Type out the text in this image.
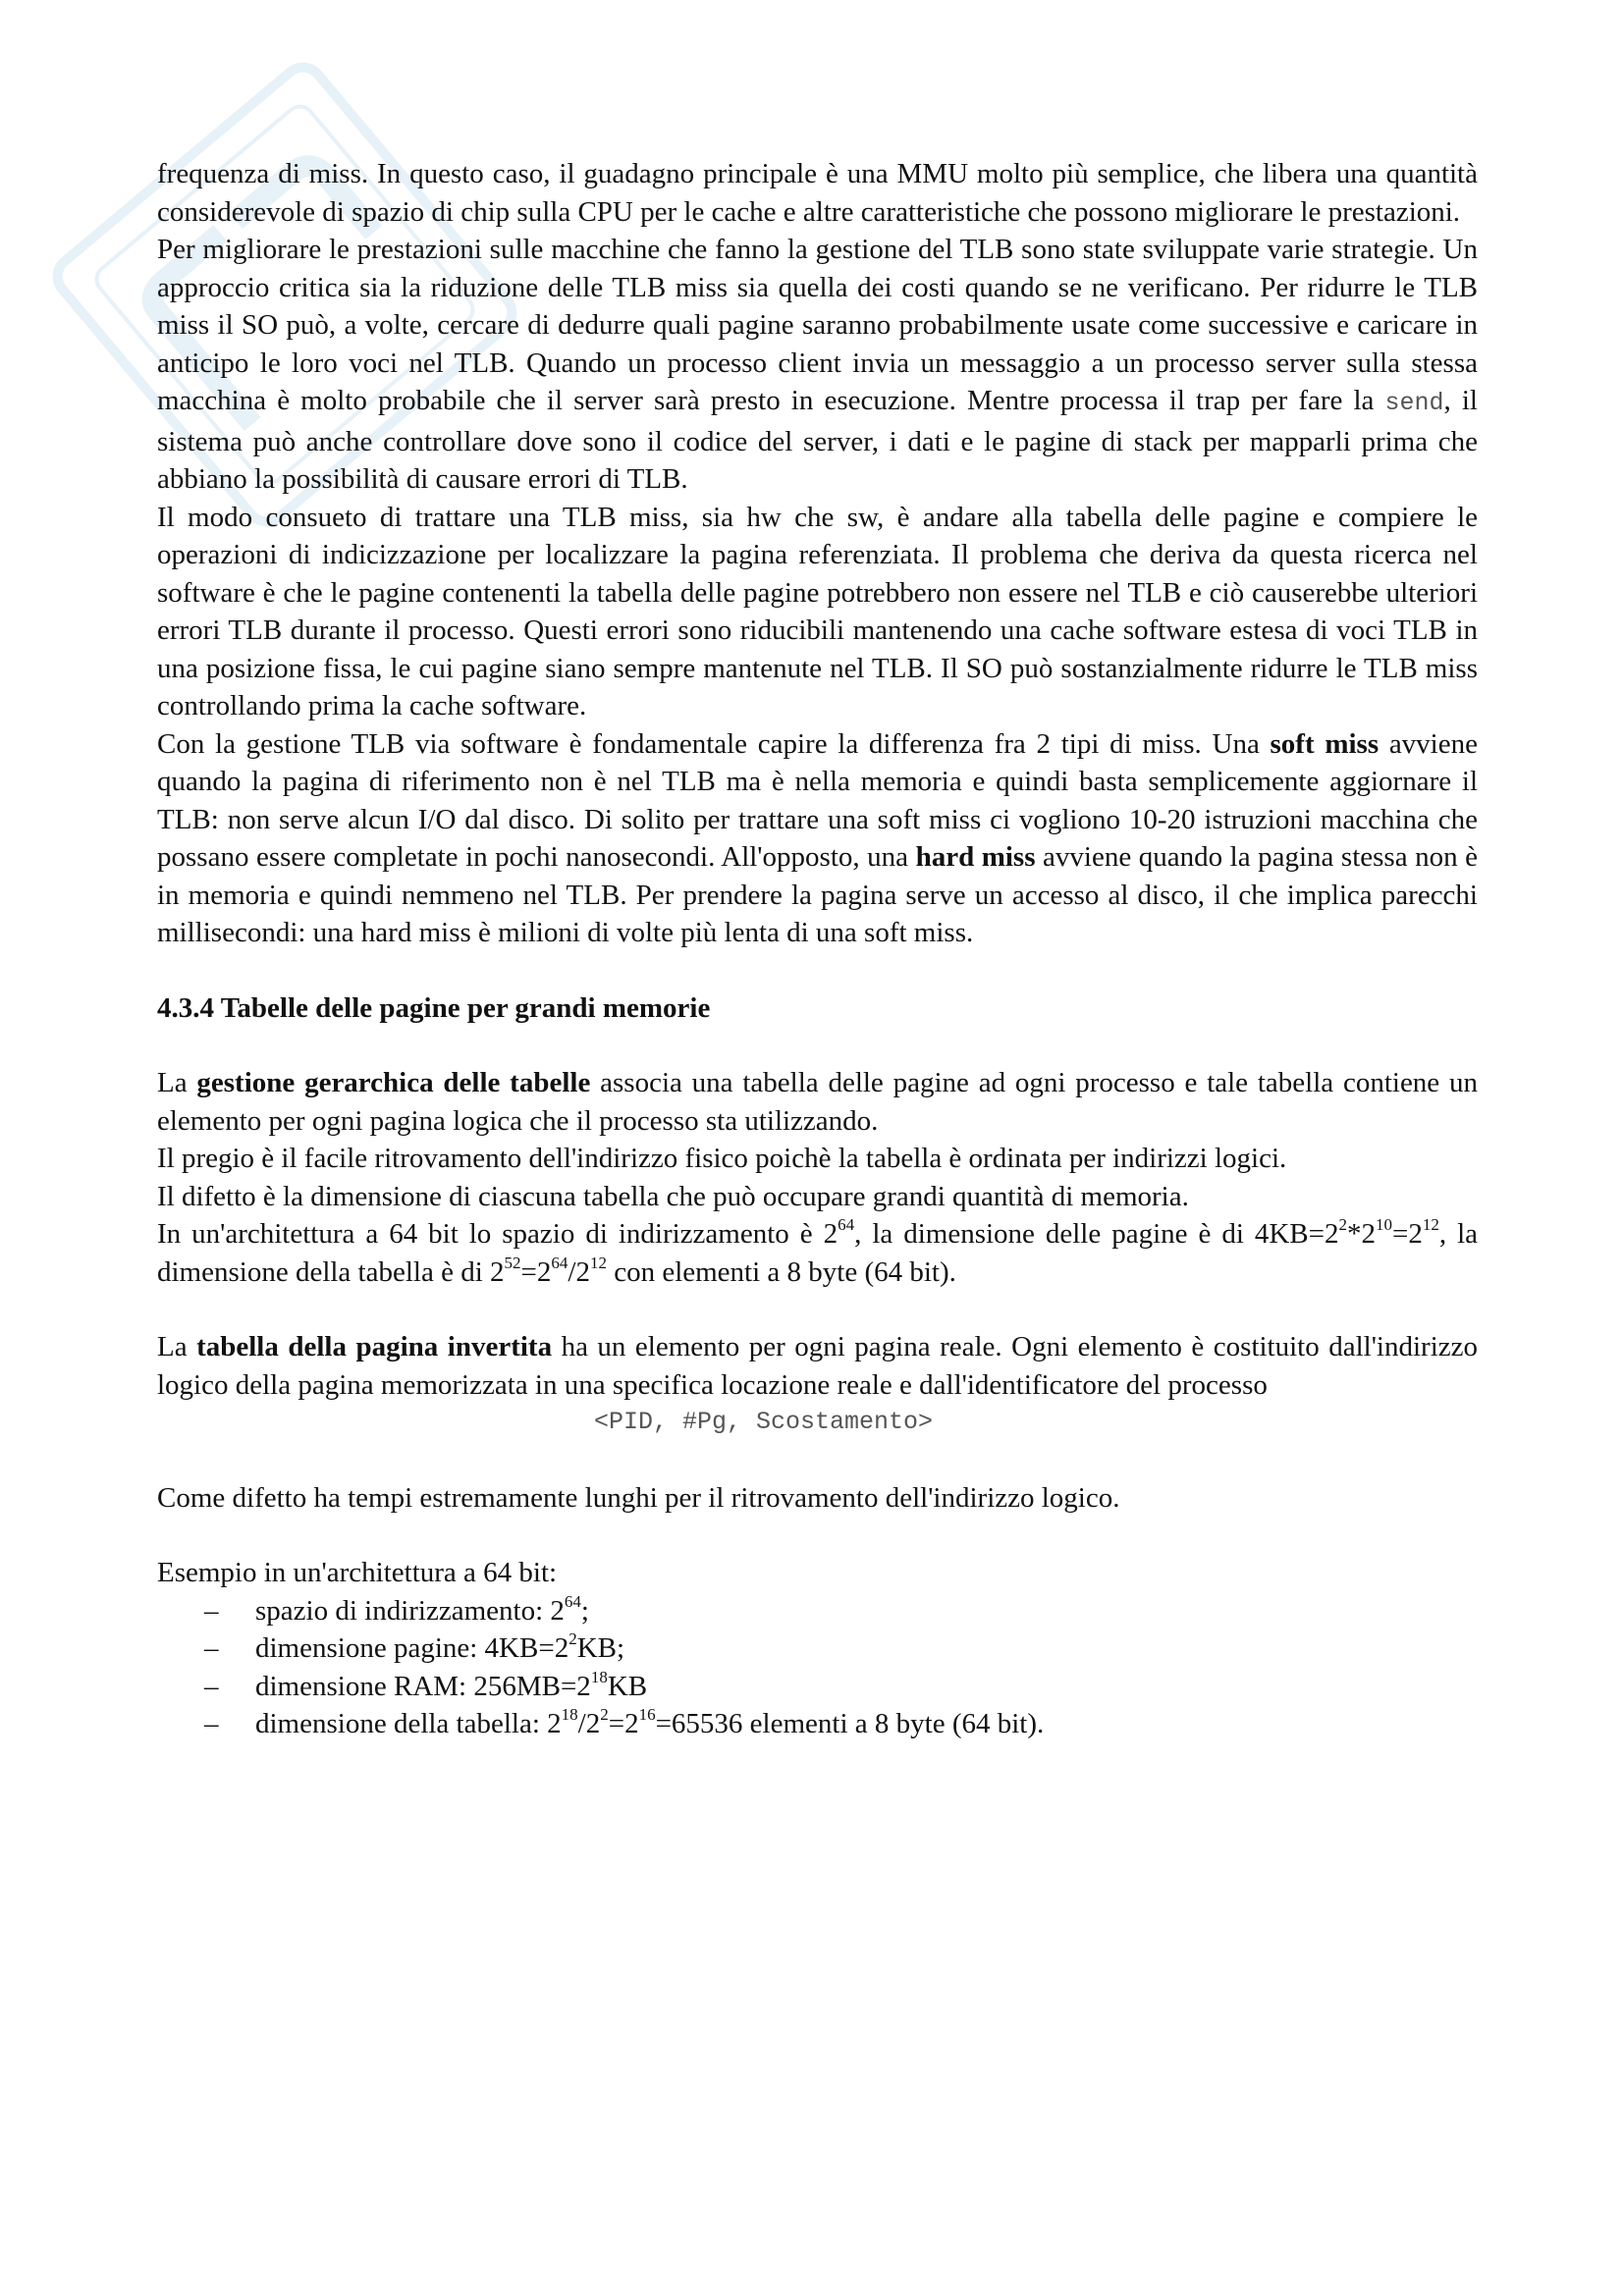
frequenza di miss. In questo caso, il guadagno principale è una MMU molto più semplice, che libera una quantità considerevole di spazio di chip sulla CPU per le cache e altre caratteristiche che possono migliorare le prestazioni.

Per migliorare le prestazioni sulle macchine che fanno la gestione del TLB sono state sviluppate varie strategie. Un approccio critica sia la riduzione delle TLB miss sia quella dei costi quando se ne verificano. Per ridurre le TLB miss il SO può, a volte, cercare di dedurre quali pagine saranno probabilmente usate come successive e caricare in anticipo le loro voci nel TLB. Quando un processo client invia un messaggio a un processo server sulla stessa macchina è molto probabile che il server sarà presto in esecuzione. Mentre processa il trap per fare la send, il sistema può anche controllare dove sono il codice del server, i dati e le pagine di stack per mapparli prima che abbiano la possibilità di causare errori di TLB.

Il modo consueto di trattare una TLB miss, sia hw che sw, è andare alla tabella delle pagine e compiere le operazioni di indicizzazione per localizzare la pagina referenziata. Il problema che deriva da questa ricerca nel software è che le pagine contenenti la tabella delle pagine potrebbero non essere nel TLB e ciò causerebbe ulteriori errori TLB durante il processo. Questi errori sono riducibili mantenendo una cache software estesa di voci TLB in una posizione fissa, le cui pagine siano sempre mantenute nel TLB. Il SO può sostanzialmente ridurre le TLB miss controllando prima la cache software.

Con la gestione TLB via software è fondamentale capire la differenza fra 2 tipi di miss. Una soft miss avviene quando la pagina di riferimento non è nel TLB ma è nella memoria e quindi basta semplicemente aggiornare il TLB: non serve alcun I/O dal disco. Di solito per trattare una soft miss ci vogliono 10-20 istruzioni macchina che possano essere completate in pochi nanosecondi. All'opposto, una hard miss avviene quando la pagina stessa non è in memoria e quindi nemmeno nel TLB. Per prendere la pagina serve un accesso al disco, il che implica parecchi millisecondi: una hard miss è milioni di volte più lenta di una soft miss.

4.3.4 Tabelle delle pagine per grandi memorie

La gestione gerarchica delle tabelle associa una tabella delle pagine ad ogni processo e tale tabella contiene un elemento per ogni pagina logica che il processo sta utilizzando.

Il pregio è il facile ritrovamento dell'indirizzo fisico poichè la tabella è ordinata per indirizzi logici.

Il difetto è la dimensione di ciascuna tabella che può occupare grandi quantità di memoria.

In un'architettura a 64 bit lo spazio di indirizzamento è $2^{64}$, la dimensione delle pagine è di $4KB=2^2*2^{10}=2^{12}$, la dimensione della tabella è di $2^{52}=2^{64}/2^{12}$ con elementi a 8 byte (64 bit).

La tabella della pagina invertita ha un elemento per ogni pagina reale. Ogni elemento è costituito dall'indirizzo logico della pagina memorizzata in una specifica locazione reale e dall'identificatore del processo

<PID, #Pg, Scostamento>

Come difetto ha tempi estremamente lunghi per il ritrovamento dell'indirizzo logico.

Esempio in un'architettura a 64 bit:

– spazio di indirizzamento: $2^{64}$;
– dimensione pagine: $4KB=2^2KB$;
– dimensione RAM: $256MB=2^{18}KB$
– dimensione della tabella: $2^{18}/2^2=2^{16}=65536$ elementi a 8 byte (64 bit).
